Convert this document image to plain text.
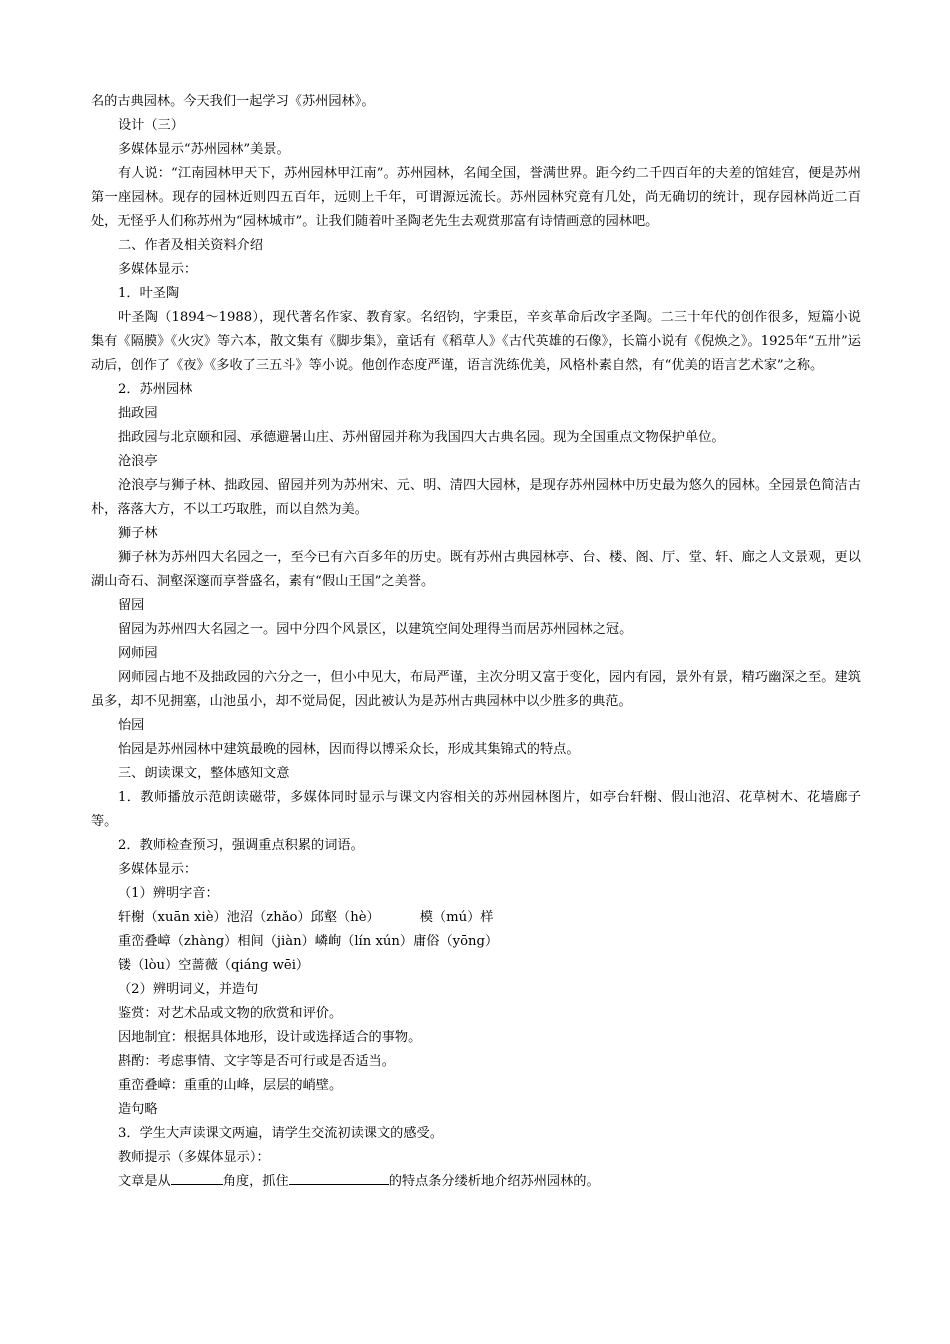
名的古典园林。今天我们一起学习《苏州园林》。

设计（三）

多媒体显示“苏州园林”美景。

有人说：“江南园林甲天下，苏州园林甲江南”。苏州园林，名闻全国，誉满世界。距今约二千四百年的夫差的馆娃宫，便是苏州第一座园林。现存的园林近则四五百年，远则上千年，可谓源远流长。苏州园林究竟有几处，尚无确切的统计，现存园林尚近二百处，无怪乎人们称苏州为“园林城市”。让我们随着叶圣陶老先生去观赏那富有诗情画意的园林吧。

二、作者及相关资料介绍

多媒体显示：

1．叶圣陶

叶圣陶（1894～1988），现代著名作家、教育家。名绍钧，字秉臣，辛亥革命后改字圣陶。二三十年代的创作很多，短篇小说集有《隔膜》《火灾》等六本，散文集有《脚步集》，童话有《稻草人》《古代英雄的石像》，长篇小说有《倪焕之》。1925年“五卅”运动后，创作了《夜》《多收了三五斗》等小说。他创作态度严谨，语言洗练优美，风格朴素自然，有“优美的语言艺术家”之称。

2．苏州园林

拙政园

拙政园与北京颐和园、承德避暑山庄、苏州留园并称为我国四大古典名园。现为全国重点文物保护单位。

沧浪亭

沧浪亭与狮子林、拙政园、留园并列为苏州宋、元、明、清四大园林，是现存苏州园林中历史最为悠久的园林。全园景色简洁古朴，落落大方，不以工巧取胜，而以自然为美。

狮子林

狮子林为苏州四大名园之一，至今已有六百多年的历史。既有苏州古典园林亭、台、楼、阁、厅、堂、轩、廊之人文景观，更以湖山奇石、洞壑深邃而享誉盛名，素有“假山王国”之美誉。

留园

留园为苏州四大名园之一。园中分四个风景区，以建筑空间处理得当而居苏州园林之冠。

网师园

网师园占地不及拙政园的六分之一，但小中见大，布局严谨，主次分明又富于变化，园内有园，景外有景，精巧幽深之至。建筑虽多，却不见拥塞，山池虽小，却不觉局促，因此被认为是苏州古典园林中以少胜多的典范。

怡园

怡园是苏州园林中建筑最晚的园林，因而得以博采众长，形成其集锦式的特点。

三、朗读课文，整体感知文意

1．教师播放示范朗读磁带，多媒体同时显示与课文内容相关的苏州园林图片，如亭台轩榭、假山池沼、花草树木、花墙廊子等。

2．教师检查预习，强调重点积累的词语。

多媒体显示：

（1）辨明字音：

轩榭（xuān xiè）池沼（zhǎo）邱壑（hè）	模（mú）样

重峦叠嶂（zhàng）相间（jiàn）嶙峋（lín xún）庸俗（yōng）

镂（lòu）空蔷薇（qiáng wēi）

（2）辨明词义，并造句

鉴赏：对艺术品或文物的欣赏和评价。

因地制宜：根据具体地形，设计或选择适合的事物。

斟酌：考虑事情、文字等是否可行或是否适当。

重峦叠嶂：重重的山峰，层层的峭壁。

造句略

3．学生大声读课文两遍，请学生交流初读课文的感受。

教师提示（多媒体显示）：

文章是从	角度，抓住	的特点条分缕析地介绍苏州园林的。
